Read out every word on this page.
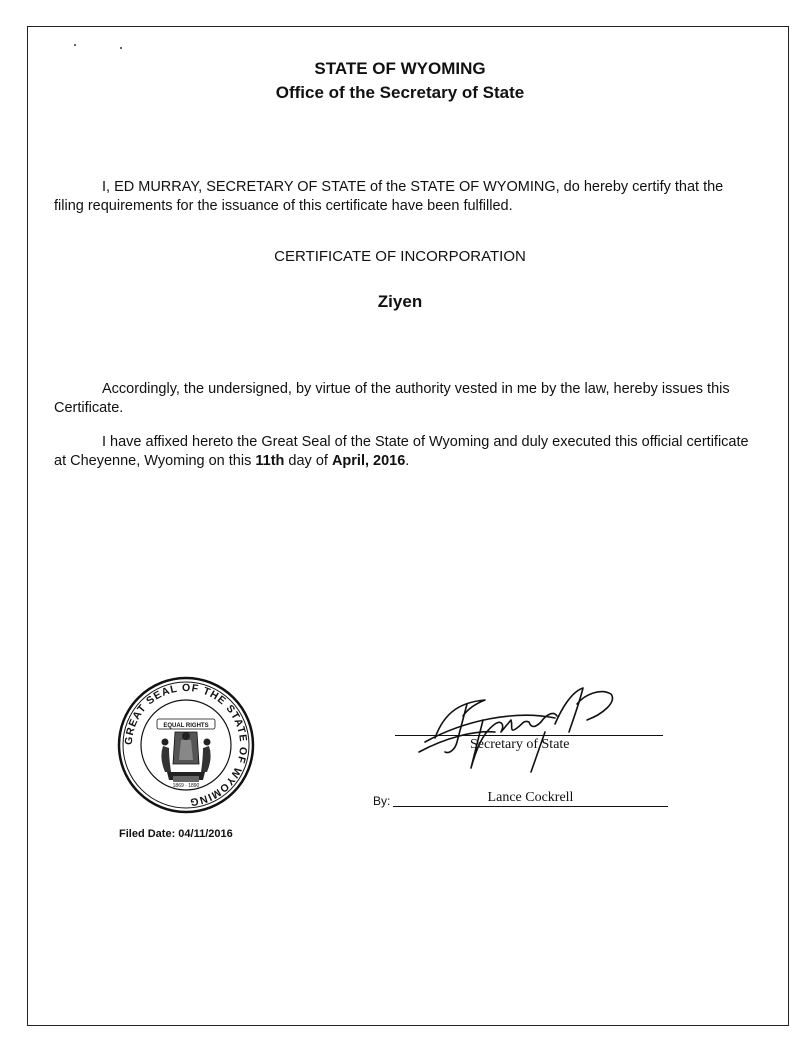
STATE OF WYOMING
Office of the Secretary of State
I, ED MURRAY, SECRETARY OF STATE of the STATE OF WYOMING, do hereby certify that the filing requirements for the issuance of this certificate have been fulfilled.
CERTIFICATE OF INCORPORATION
Ziyen
Accordingly, the undersigned, by virtue of the authority vested in me by the law, hereby issues this Certificate.
I have affixed hereto the Great Seal of the State of Wyoming and duly executed this official certificate at Cheyenne, Wyoming on this 11th day of April, 2016.
GREAT SEAL OF THE STATE OF WYOMING
EQUAL RIGHTS
1869 · 1890
Filed Date: 04/11/2016
Secretary of State
By:	Lance Cockrell
